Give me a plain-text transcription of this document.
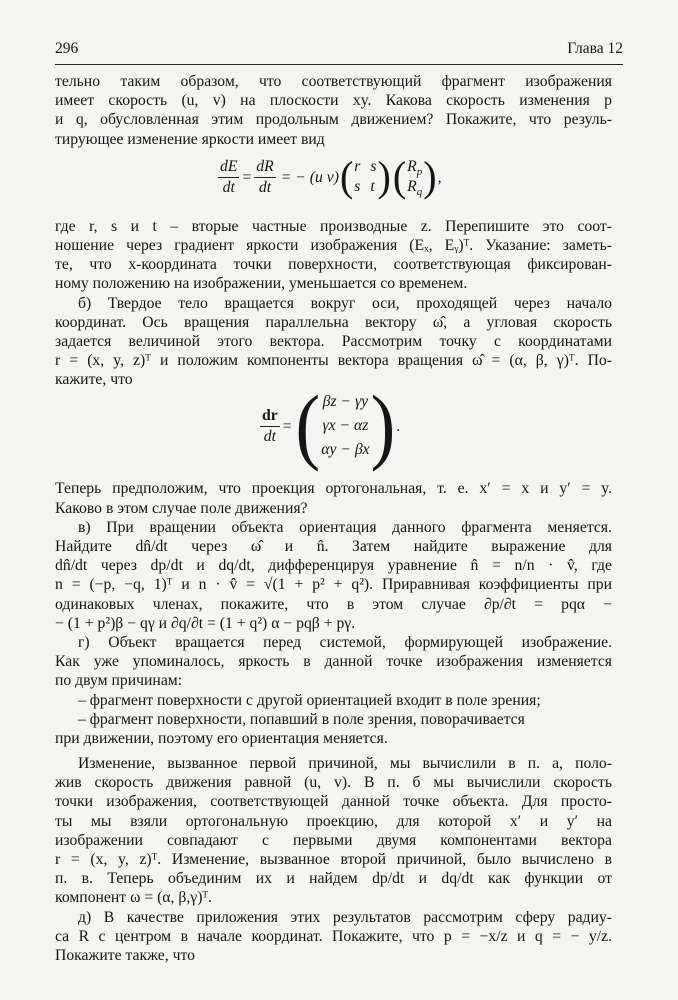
296	Глава 12

тельно таким образом, что соответствующий фрагмент изображения

имеет скорость (u, v) на плоскости xy. Какова скорость изменения p

и q, обусловленная этим продольным движением? Покажите, что резуль-

тирующее изменение яркости имеет вид

$\frac{dE}{dt} = \frac{dR}{dt}$ = − (u v) ( r s
s t ) ( $R_p$
$R_q$ ) ,

где r, s и t – вторые частные производные z. Перепишите это соот-

ношение через градиент яркости изображения (Eₓ, Eᵧ)ᵀ. Указание: заметь-

те, что x-координата точки поверхности, соответствующая фиксирован-

ному положению на изображении, уменьшается со временем.

б) Твердое тело вращается вокруг оси, проходящей через начало

координат. Ось вращения параллельна вектору ω̂, а угловая скорость

задается величиной этого вектора. Рассмотрим точку с координатами

r = (x, y, z)ᵀ и положим компоненты вектора вращения ω̂ = (α, β, γ)ᵀ. По-

кажите, что

$\frac{dr}{dt}$ = ( βz − γy
γx − αz
αy − βx ) .

Теперь предположим, что проекция ортогональная, т. е. x′ = x и y′ = y.

Каково в этом случае поле движения?

в) При вращении объекта ориентация данного фрагмента меняется.

Найдите dn̂/dt через ω̂ и n̂. Затем найдите выражение для

dn̂/dt через dp/dt и dq/dt, дифференцируя уравнение n̂ = n/n · v̂, где

n = (−p, −q, 1)ᵀ и n · v̂ = √(1 + p² + q²). Приравнивая коэффициенты при

одинаковых членах, покажите, что в этом случае ∂p/∂t = pqα −

− (1 + p²)β − qγ и ∂q/∂t = (1 + q²) α − pqβ + pγ.

г) Объект вращается перед системой, формирующей изображение.

Как уже упоминалось, яркость в данной точке изображения изменяется

по двум причинам:

– фрагмент поверхности с другой ориентацией входит в поле зрения;

– фрагмент поверхности, попавший в поле зрения, поворачивается

при движении, поэтому его ориентация меняется.

Изменение, вызванное первой причиной, мы вычислили в п. а, поло-

жив скорость движения равной (u, v). В п. б мы вычислили скорость

точки изображения, соответствующей данной точке объекта. Для просто-

ты мы взяли ортогональную проекцию, для которой x′ и y′ на

изображении совпадают с первыми двумя компонентами вектора

r = (x, y, z)ᵀ. Изменение, вызванное второй причиной, было вычислено в

п. в. Теперь объединим их и найдем dp/dt и dq/dt как функции от

компонент ω = (α, β,γ)ᵀ.

д) В качестве приложения этих результатов рассмотрим сферу радиу-

са R с центром в начале координат. Покажите, что p = −x/z и q = − y/z.

Покажите также, что
